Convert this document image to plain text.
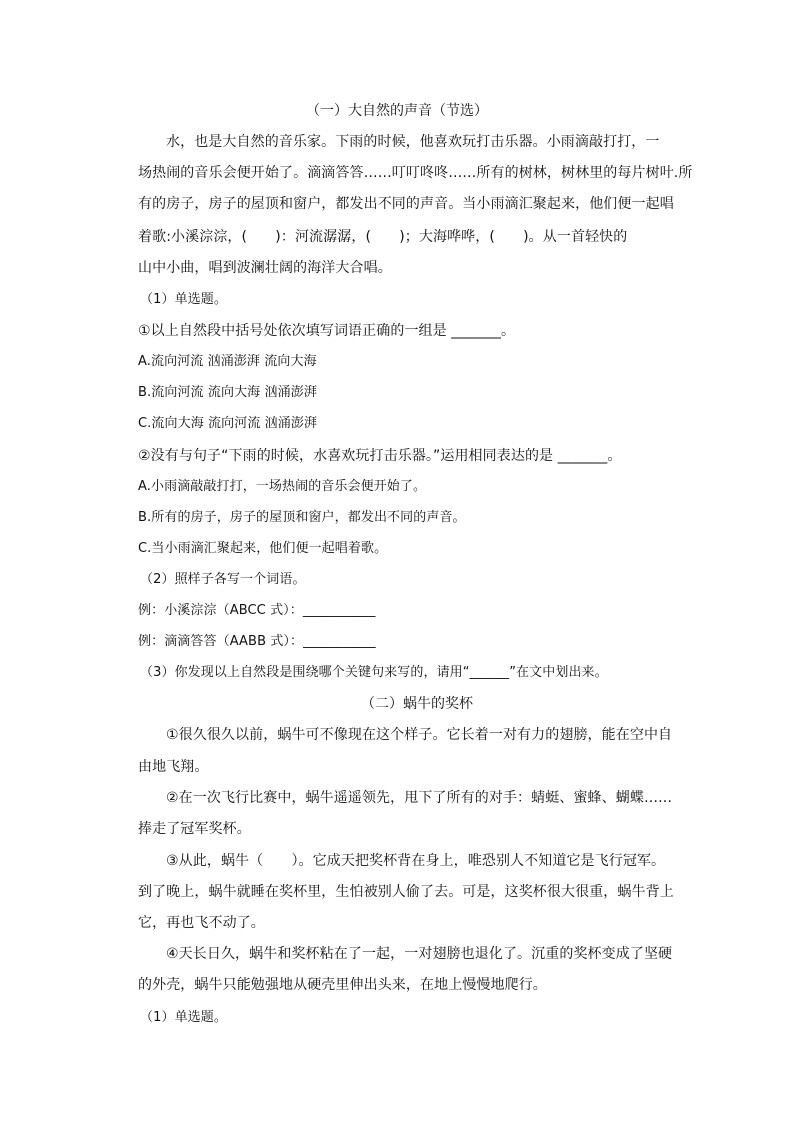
（一）大自然的声音（节选）
水，也是大自然的音乐家。下雨的时候，他喜欢玩打击乐器。小雨滴敲打打，一
场热闹的音乐会便开始了。滴滴答答……叮叮咚咚……所有的树林，树林里的每片树叶.所
有的房子，房子的屋顶和窗户，都发出不同的声音。当小雨滴汇聚起来，他们便一起唱
着歌:小溪淙淙，(　　)：河流潺潺，(　　)；大海哗哗，(　　)。从一首轻快的
山中小曲，唱到波澜壮阔的海洋大合唱。
（1）单选题。
①以上自然段中括号处依次填写词语正确的一组是 _______。
A.流向河流 汹涌澎湃 流向大海
B.流向河流 流向大海 汹涌澎湃
C.流向大海 流向河流 汹涌澎湃
②没有与句子“下雨的时候，水喜欢玩打击乐器。”运用相同表达的是 _______。
A.小雨滴敲敲打打，一场热闹的音乐会便开始了。
B.所有的房子，房子的屋顶和窗户，都发出不同的声音。
C.当小雨滴汇聚起来，他们便一起唱着歌。
（2）照样子各写一个词语。
例：小溪淙淙（ABCC 式）：___________
例：滴滴答答（AABB 式）：___________
（3）你发现以上自然段是围绕哪个关键句来写的，请用“______”在文中划出来。
（二）蜗牛的奖杯
①很久很久以前，蜗牛可不像现在这个样子。它长着一对有力的翅膀，能在空中自
由地飞翔。
②在一次飞行比赛中，蜗牛遥遥领先，甩下了所有的对手：蜻蜓、蜜蜂、蝴蝶……
捧走了冠军奖杯。
③从此，蜗牛（　　）。它成天把奖杯背在身上，唯恐别人不知道它是飞行冠军。
到了晚上，蜗牛就睡在奖杯里，生怕被别人偷了去。可是，这奖杯很大很重，蜗牛背上
它，再也飞不动了。
④天长日久，蜗牛和奖杯粘在了一起，一对翅膀也退化了。沉重的奖杯变成了坚硬
的外壳，蜗牛只能勉强地从硬壳里伸出头来，在地上慢慢地爬行。
（1）单选题。
